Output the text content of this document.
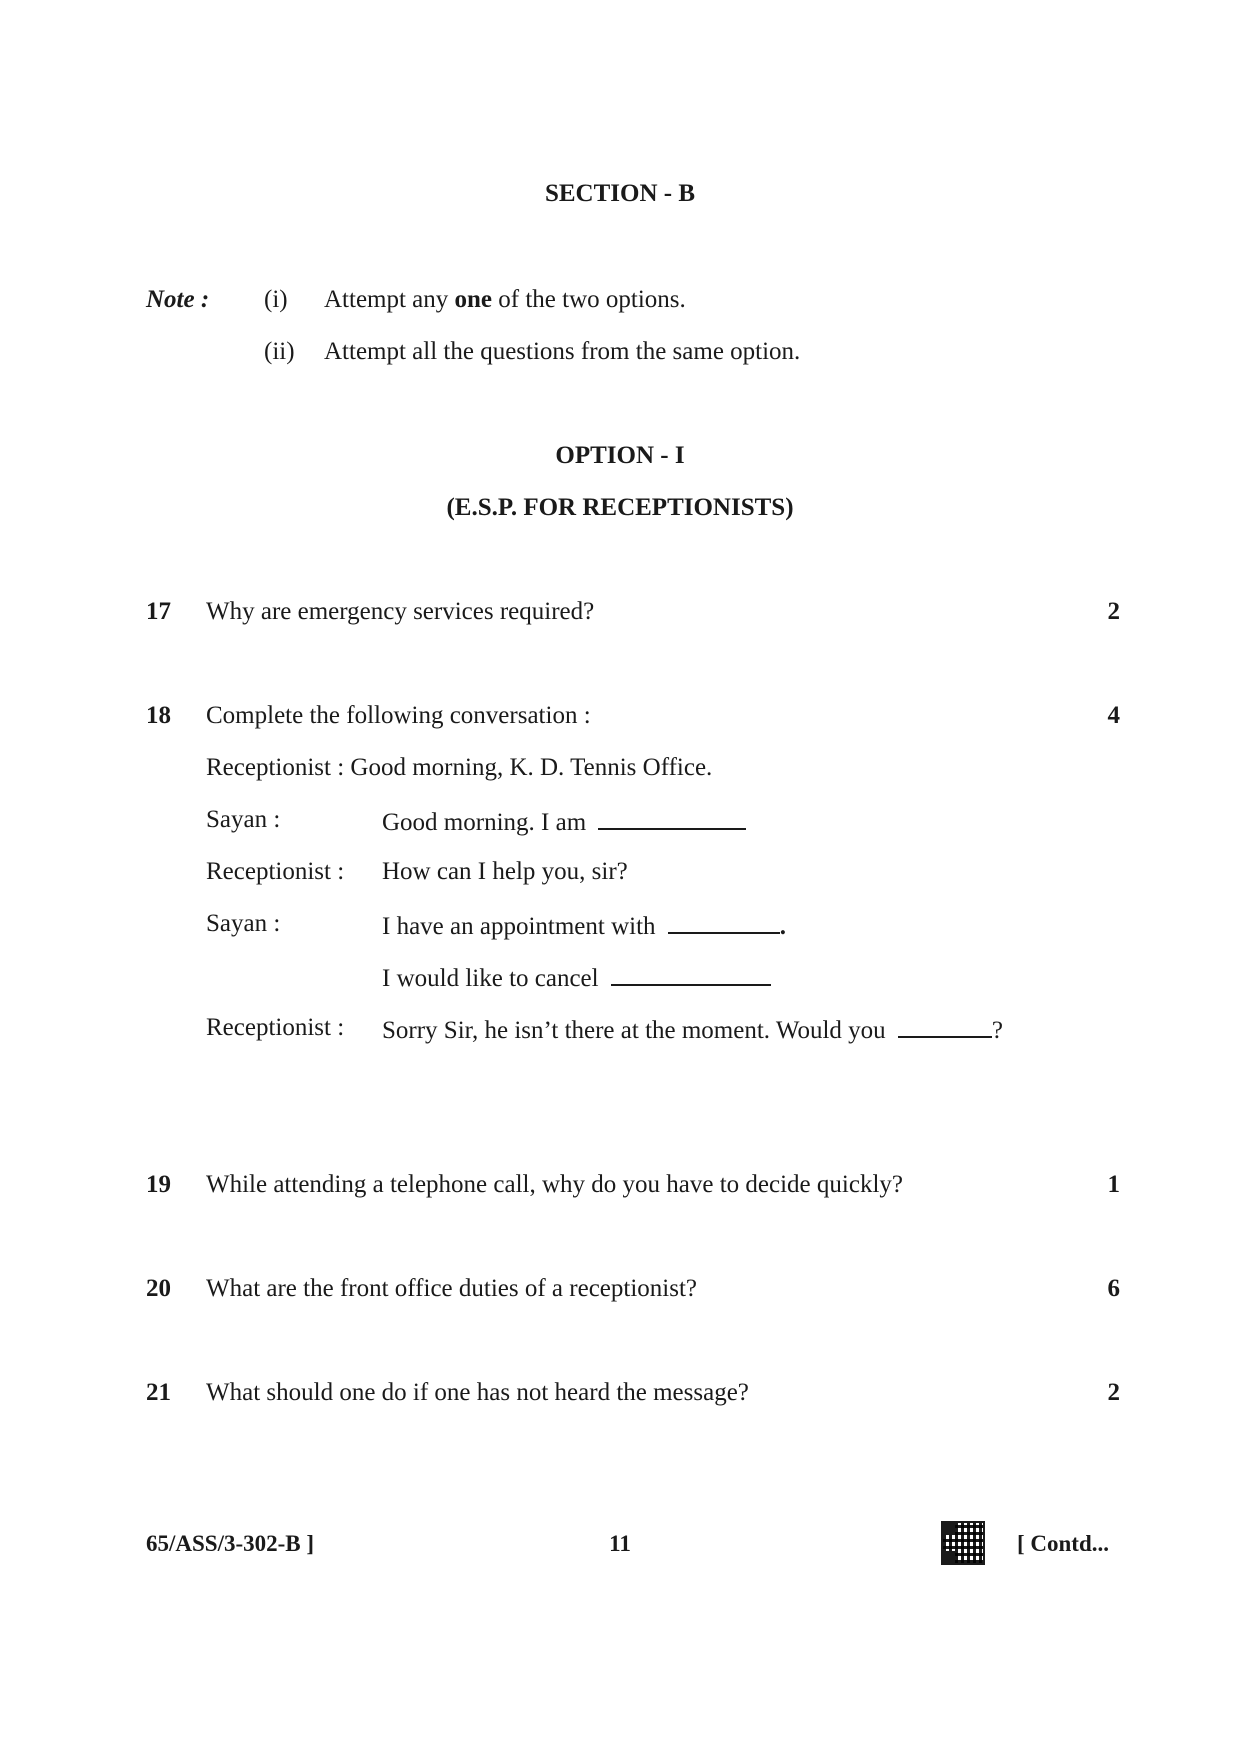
SECTION - B
Note : (i) Attempt any one of the two options.
(ii) Attempt all the questions from the same option.
OPTION - I
(E.S.P. FOR RECEPTIONISTS)
17 Why are emergency services required?	2
18 Complete the following conversation :	4
Receptionist : Good morning, K. D. Tennis Office.
Sayan :	Good morning. I am
Receptionist : How can I help you, sir?
Sayan :	I have an appointment with	.
I would like to cancel
Receptionist : Sorry Sir, he isn’t there at the moment. Would you	?
19 While attending a telephone call, why do you have to decide quickly?	1
20 What are the front office duties of a receptionist?	6
21 What should one do if one has not heard the message?	2
65/ASS/3-302-B ]	11	[ Contd...
